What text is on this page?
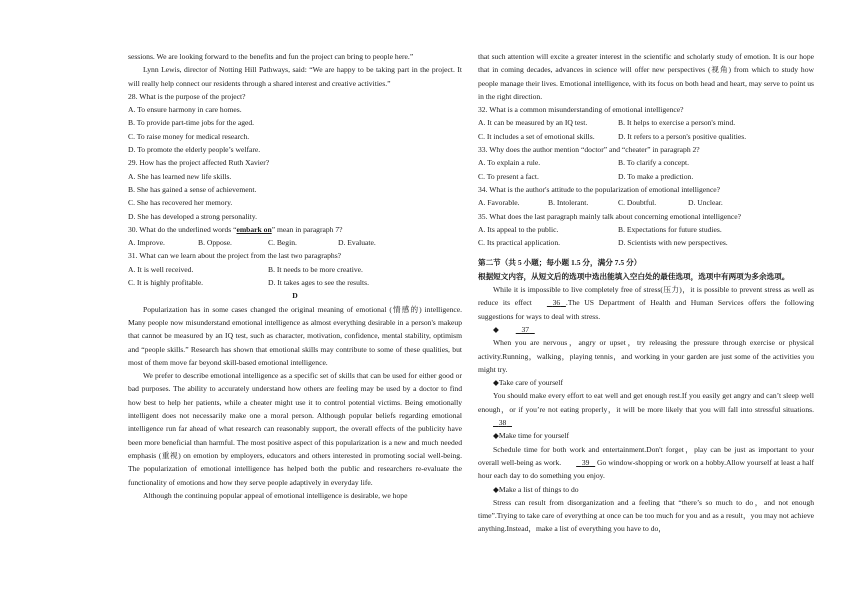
sessions. We are looking forward to the benefits and fun the project can bring to people here.”

Lynn Lewis, director of Notting Hill Pathways, said: “We are happy to be taking part in the project. It will really help connect our residents through a shared interest and creative activities.”

28. What is the purpose of the project?

A. To ensure harmony in care homes.

B. To provide part-time jobs for the aged.

C. To raise money for medical research.

D. To promote the elderly people’s welfare.

29. How has the project affected Ruth Xavier?

A. She has learned new life skills.

B. She has gained a sense of achievement.

C. She has recovered her memory.

D. She has developed a strong personality.

30. What do the underlined words “embark on” mean in paragraph 7?

A. Improve.	B. Oppose.	C. Begin.	D. Evaluate.

31. What can we learn about the project from the last two paragraphs?

A. It is well received.	B. It needs to be more creative.
C. It is highly profitable.	D. It takes ages to see the results.

D

Popularization has in some cases changed the original meaning of emotional (情感的) intelligence. Many people now misunderstand emotional intelligence as almost everything desirable in a person's makeup that cannot be measured by an IQ test, such as character, motivation, confidence, mental stability, optimism and “people skills.” Research has shown that emotional skills may contribute to some of these qualities, but most of them move far beyond skill-based emotional intelligence.

We prefer to describe emotional intelligence as a specific set of skills that can be used for either good or bad purposes. The ability to accurately understand how others are feeling may be used by a doctor to find how best to help her patients, while a cheater might use it to control potential victims. Being emotionally intelligent does not necessarily make one a moral person. Although popular beliefs regarding emotional intelligence run far ahead of what research can reasonably support, the overall effects of the publicity have been more beneficial than harmful. The most positive aspect of this popularization is a new and much needed emphasis (重视) on emotion by employers, educators and others interested in promoting social well-being. The popularization of emotional intelligence has helped both the public and researchers re-evaluate the functionality of emotions and how they serve people adaptively in everyday life.

Although the continuing popular appeal of emotional intelligence is desirable, we hope

that such attention will excite a greater interest in the scientific and scholarly study of emotion. It is our hope that in coming decades, advances in science will offer new perspectives (视角) from which to study how people manage their lives. Emotional intelligence, with its focus on both head and heart, may serve to point us in the right direction.

32. What is a common misunderstanding of emotional intelligence?

A. It can be measured by an IQ test.	B. It helps to exercise a person's mind.
C. It includes a set of emotional skills.	D. It refers to a person's positive qualities.

33. Why does the author mention “doctor” and “cheater” in paragraph 2?

A. To explain a rule.	B. To clarify a concept.
C. To present a fact.	D. To make a prediction.

34. What is the author's attitude to the popularization of emotional intelligence?

A. Favorable.	B. Intolerant.	C. Doubtful.	D. Unclear.

35. What does the last paragraph mainly talk about concerning emotional intelligence?

A. Its appeal to the public.	B. Expectations for future studies.
C. Its practical application.	D. Scientists with new perspectives.

第二节（共 5 小题；每小题 1.5 分，满分 7.5 分）

根据短文内容，从短文后的选项中选出能填入空白处的最佳选项，选项中有两项为多余选项。

While it is impossible to live completely free of stress(压力)，it is possible to prevent stress as well as reduce its effect	36 .The US Department of Health and Human Services offers the following suggestions for ways to deal with stress.

◆	37

When you are nervous，angry or upset，try releasing the pressure through exercise or physical activity.Running，walking，playing tennis，and working in your garden are just some of the activities you might try.

◆Take care of yourself

You should make every effort to eat well and get enough rest.If you easily get angry and can’t sleep well enough，or if you’re not eating properly，it will be more likely that you will fall into stressful situations.   38

◆Make time for yourself

Schedule time for both work and entertainment.Don't forget，play can be just as important to your overall well-being as work.	39    Go window-shopping or work on a hobby.Allow yourself at least a half hour each day to do something you enjoy.

◆Make a list of things to do

Stress can result from disorganization and a feeling that “there’s so much to do，and not enough time”.Trying to take care of everything at once can be too much for you and as a result，you may not achieve anything.Instead，make a list of everything you have to do，
